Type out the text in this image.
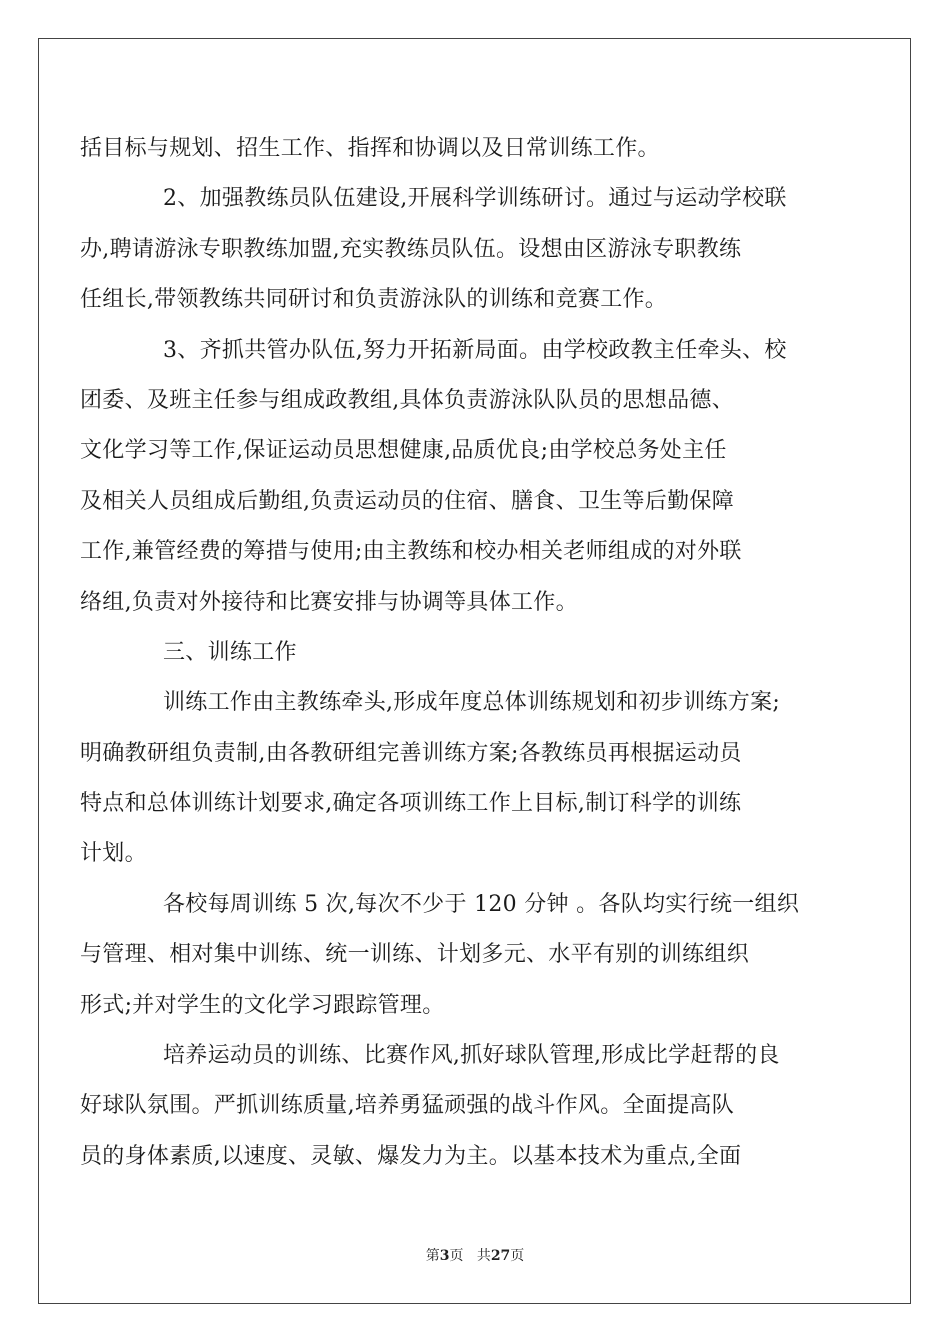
括目标与规划、招生工作、指挥和协调以及日常训练工作。
2、加强教练员队伍建设,开展科学训练研讨。通过与运动学校联
办,聘请游泳专职教练加盟,充实教练员队伍。设想由区游泳专职教练
任组长,带领教练共同研讨和负责游泳队的训练和竞赛工作。
3、齐抓共管办队伍,努力开拓新局面。由学校政教主任牵头、校
团委、及班主任参与组成政教组,具体负责游泳队队员的思想品德、
文化学习等工作,保证运动员思想健康,品质优良;由学校总务处主任
及相关人员组成后勤组,负责运动员的住宿、膳食、卫生等后勤保障
工作,兼管经费的筹措与使用;由主教练和校办相关老师组成的对外联
络组,负责对外接待和比赛安排与协调等具体工作。
三、训练工作
训练工作由主教练牵头,形成年度总体训练规划和初步训练方案;
明确教研组负责制,由各教研组完善训练方案;各教练员再根据运动员
特点和总体训练计划要求,确定各项训练工作上目标,制订科学的训练
计划。
各校每周训练 5 次,每次不少于 120 分钟 。各队均实行统一组织
与管理、相对集中训练、统一训练、计划多元、水平有别的训练组织
形式;并对学生的文化学习跟踪管理。
培养运动员的训练、比赛作风,抓好球队管理,形成比学赶帮的良
好球队氛围。严抓训练质量,培养勇猛顽强的战斗作风。全面提高队
员的身体素质,以速度、灵敏、爆发力为主。以基本技术为重点,全面
第3页 共27页
